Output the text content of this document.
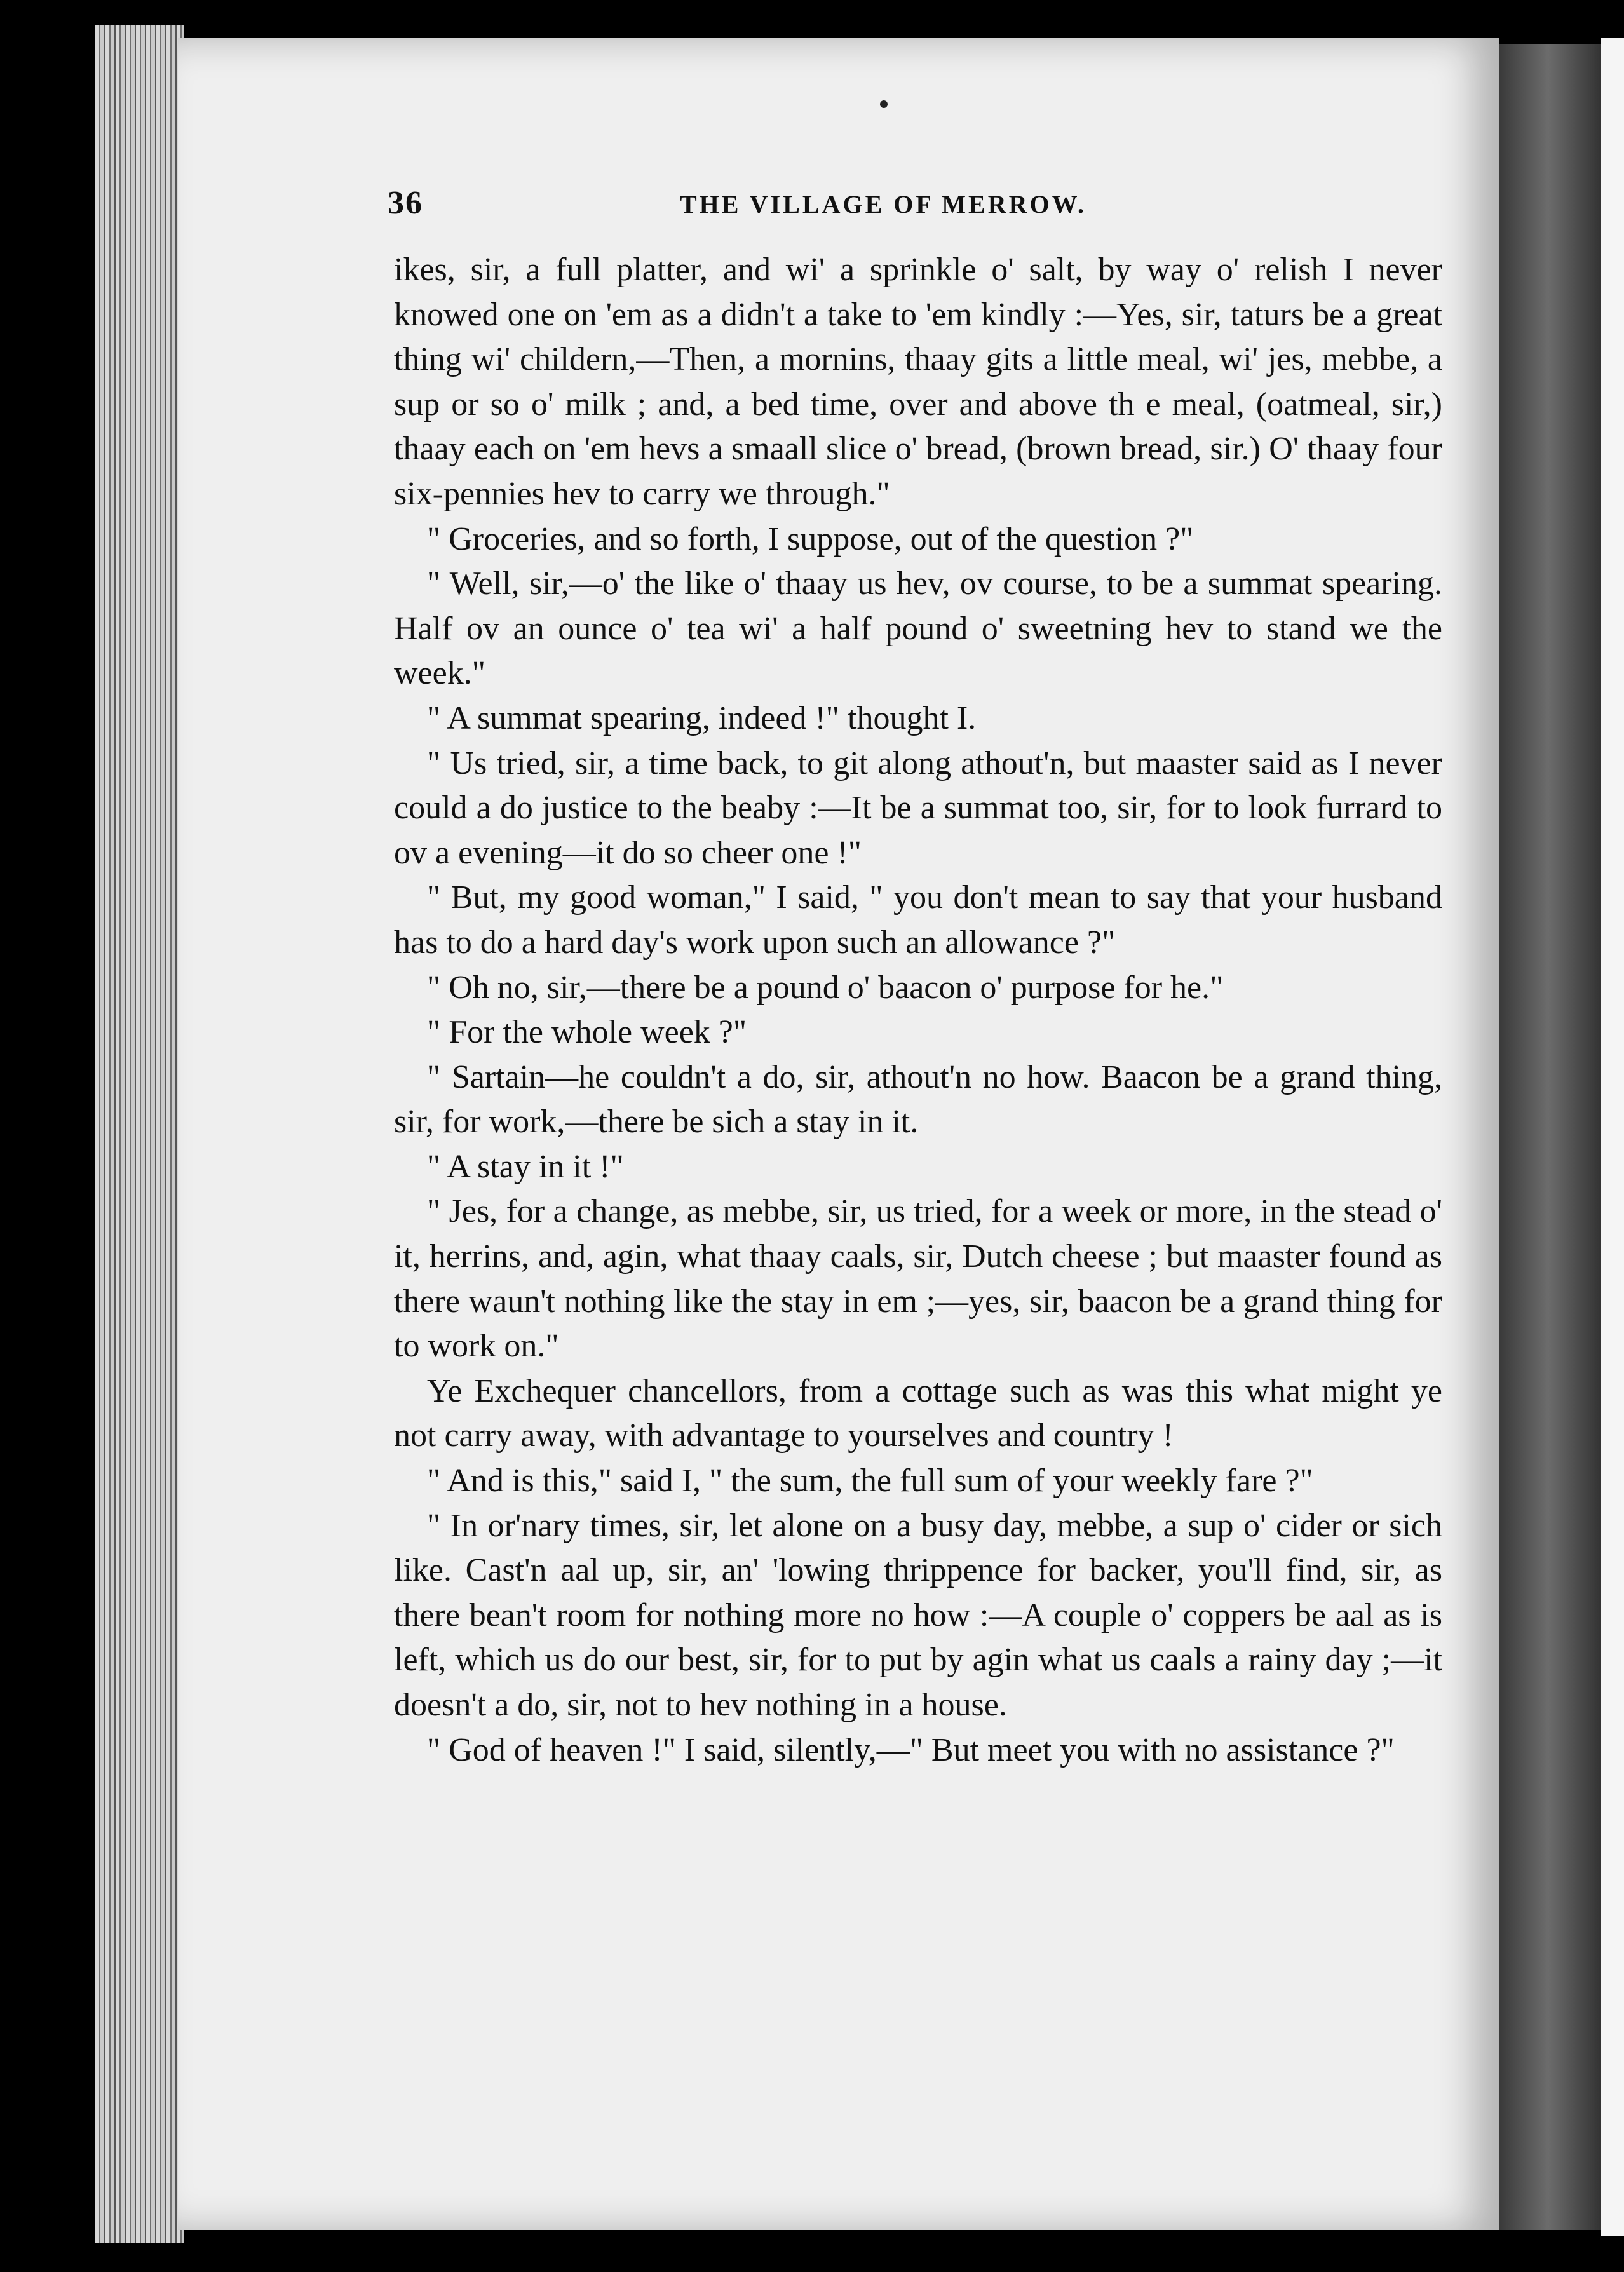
36	THE VILLAGE OF MERROW.

ikes, sir, a full platter, and wi' a sprinkle o' salt, by way o' relish I never knowed one on 'em as a didn't a take to 'em kindly :—Yes, sir, taturs be a great thing wi' childern,—Then, a mornins, thaay gits a little meal, wi' jes, mebbe, a sup or so o' milk ; and, a bed time, over and above th e meal, (oatmeal, sir,) thaay each on 'em hevs a smaall slice o' bread, (brown bread, sir.) O' thaay four six-pennies hev to carry we through."

" Groceries, and so forth, I suppose, out of the question ?"

" Well, sir,—o' the like o' thaay us hev, ov course, to be a summat spearing. Half ov an ounce o' tea wi' a half pound o' sweetning hev to stand we the week."

" A summat spearing, indeed !" thought I.

" Us tried, sir, a time back, to git along athout'n, but maaster said as I never could a do justice to the beaby :—It be a summat too, sir, for to look furrard to ov a evening—it do so cheer one !"

" But, my good woman," I said, " you don't mean to say that your husband has to do a hard day's work upon such an allowance ?"

" Oh no, sir,—there be a pound o' baacon o' purpose for he."

" For the whole week ?"

" Sartain—he couldn't a do, sir, athout'n no how. Baacon be a grand thing, sir, for work,—there be sich a stay in it.

" A stay in it !"

" Jes, for a change, as mebbe, sir, us tried, for a week or more, in the stead o' it, herrins, and, agin, what thaay caals, sir, Dutch cheese ; but maaster found as there waun't nothing like the stay in em ;—yes, sir, baacon be a grand thing for to work on."

Ye Exchequer chancellors, from a cottage such as was this what might ye not carry away, with advantage to yourselves and country !

" And is this," said I, " the sum, the full sum of your weekly fare ?"

" In or'nary times, sir, let alone on a busy day, mebbe, a sup o' cider or sich like. Cast'n aal up, sir, an' 'lowing thrippence for backer, you'll find, sir, as there bean't room for nothing more no how :—A couple o' coppers be aal as is left, which us do our best, sir, for to put by agin what us caals a rainy day ;—it doesn't a do, sir, not to hev nothing in a house.

" God of heaven !" I said, silently,—" But meet you with no assistance ?"
